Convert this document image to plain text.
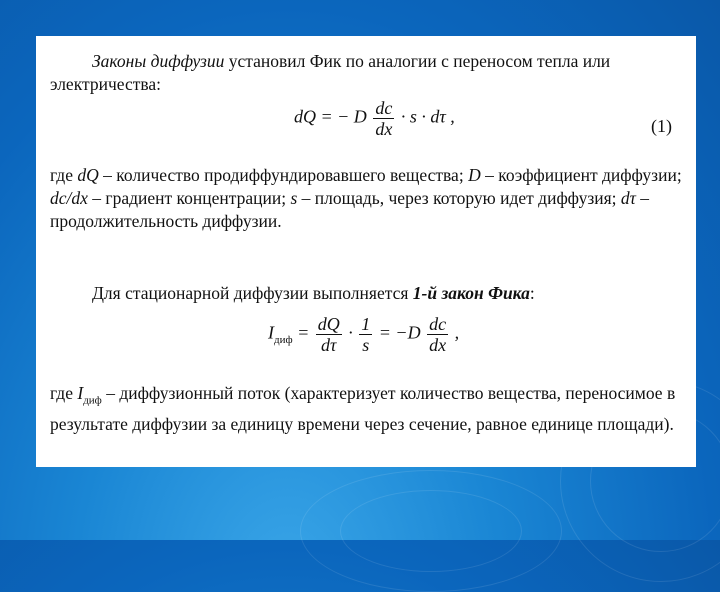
Законы диффузии установил Фик по аналогии с переносом тепла или электричества:
dQ = − D $\frac{dc}{dx} \cdot s \cdot d\tau$ ,	(1)
где dQ – количество продиффундировавшего вещества; D – коэффициент диффузии; dc/dx – градиент концентрации; s – площадь, через которую идет диффузия; dτ – продолжительность диффузии.
Для стационарной диффузии выполняется 1-й закон Фика:
$I_{диф} = \frac{dQ}{d\tau} \cdot \frac{1}{s} = -D \frac{dc}{dx}$ ,
где $I_{диф}$ – диффузионный поток (характеризует количество вещества, переносимое в результате диффузии за единицу времени через сечение, равное единице площади).
